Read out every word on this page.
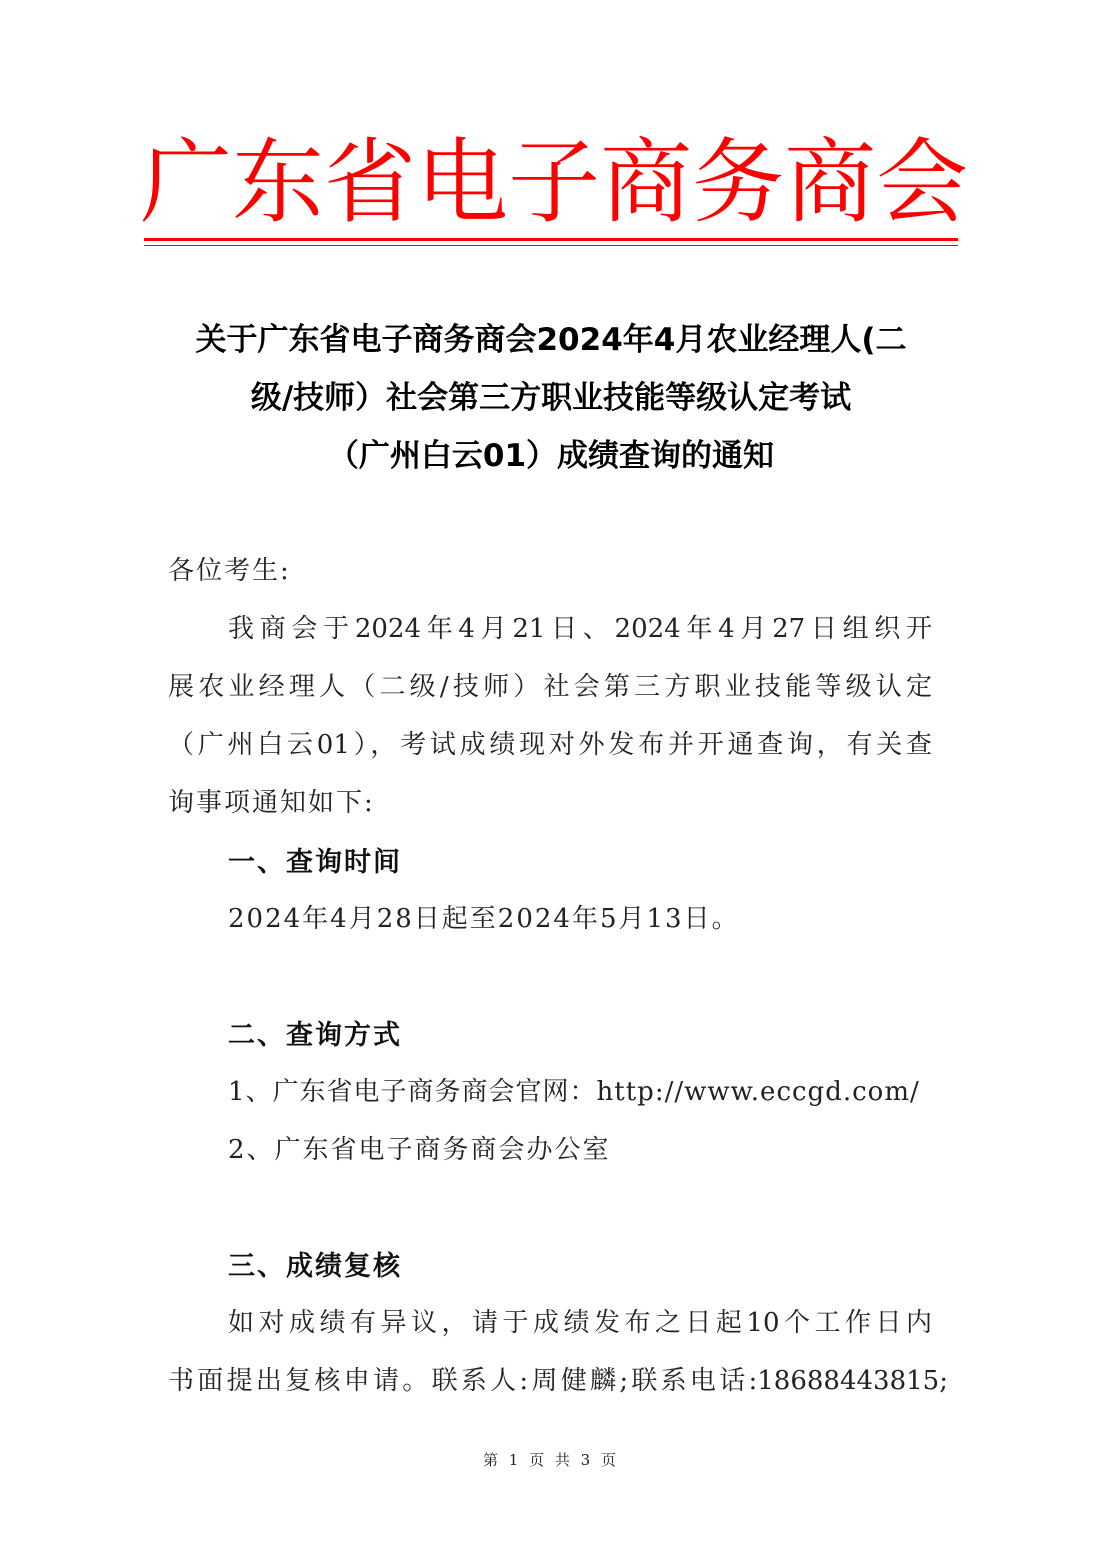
广 东 省 电 子 商 务 商 会
关于广东省电子商务商会2024年4月农业经理人(二
级/技师）社会第三方职业技能等级认定考试
（广州白云01）成绩查询的通知
各位考生:
我商会于2024年4月21日、2024年4月27日组织开
展农业经理人（二级/技师）社会第三方职业技能等级认定
（广州白云01），考试成绩现对外发布并开通查询，有关查
询事项通知如下:
一、查询时间
2024年4月28日起至2024年5月13日。
二、查询方式
1、广东省电子商务商会官网：http://www.eccgd.com/
2、广东省电子商务商会办公室
三、成绩复核
如对成绩有异议，请于成绩发布之日起10个工作日内
书面提出复核申请。联系人:周健麟;联系电话:18688443815;
第 1 页 共 3 页
